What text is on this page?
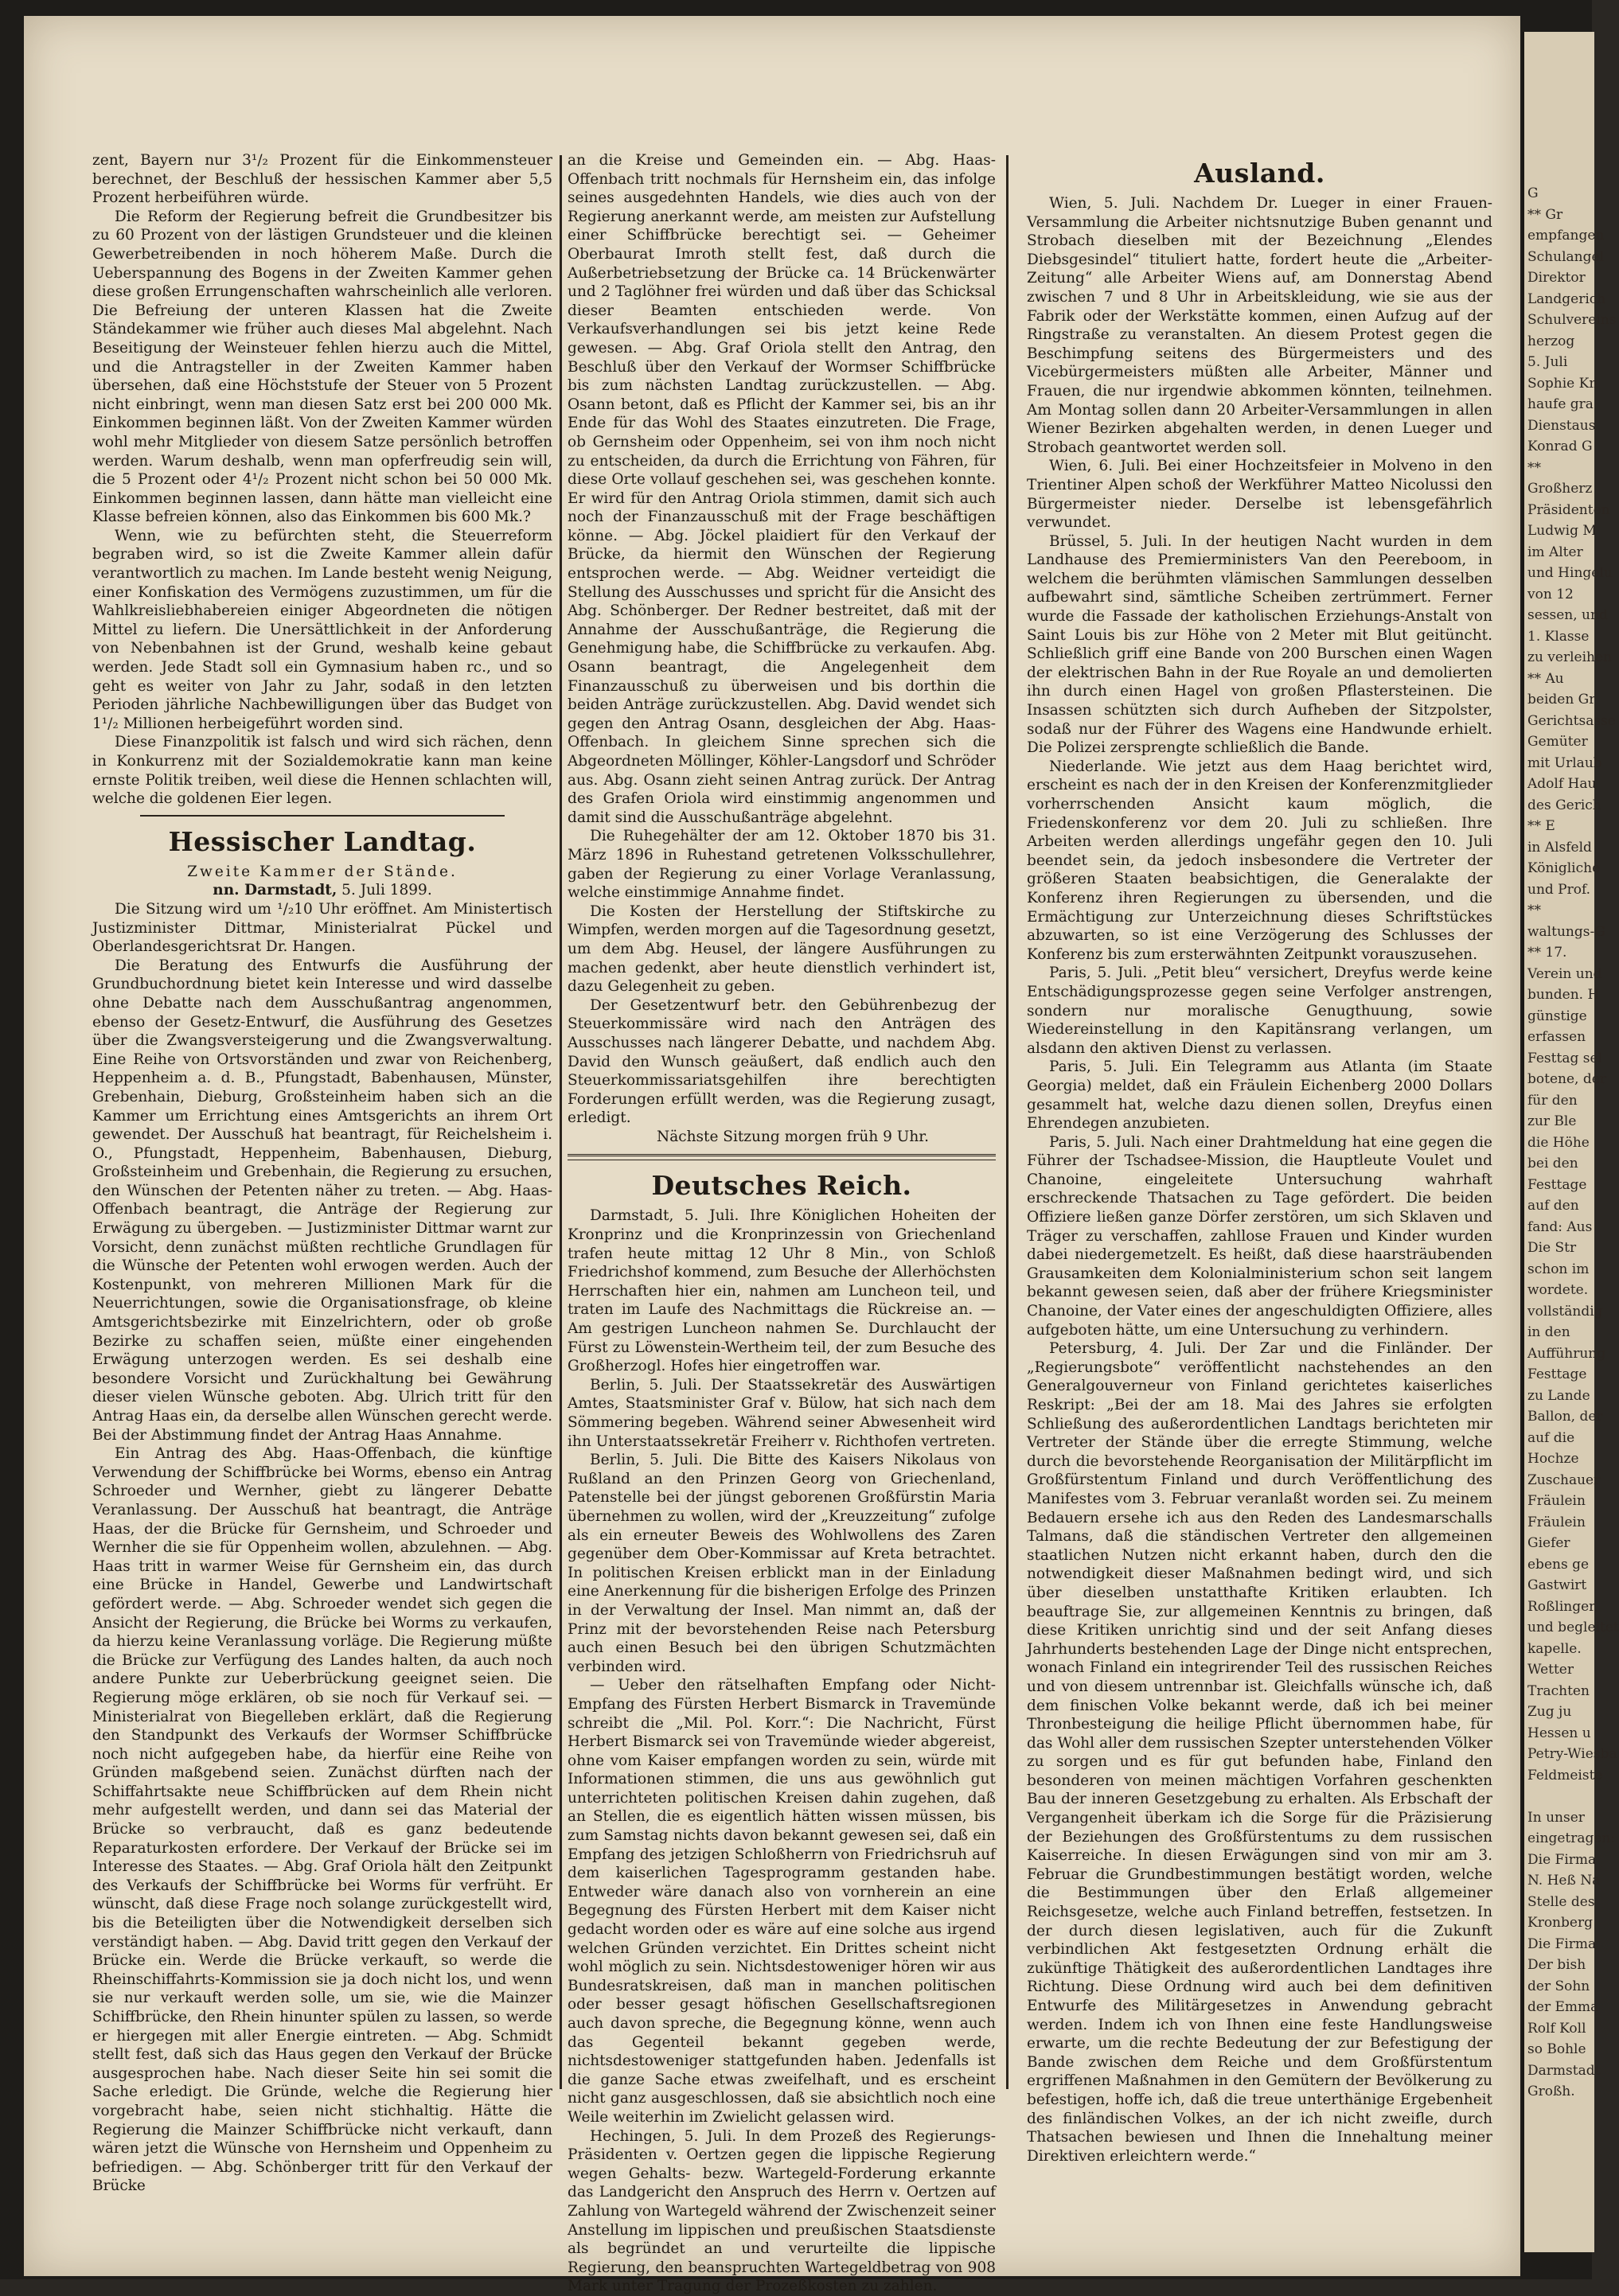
zent, Bayern nur 3¹/₂ Prozent für die Einkommensteuer berechnet, der Beschluß der hessischen Kammer aber 5,5 Prozent herbeiführen würde.

Die Reform der Regierung befreit die Grundbesitzer bis zu 60 Prozent von der lästigen Grundsteuer und die kleinen Gewerbetreibenden in noch höherem Maße. Durch die Ueberspannung des Bogens in der Zweiten Kammer gehen diese großen Errungenschaften wahrscheinlich alle verloren. Die Befreiung der unteren Klassen hat die Zweite Ständekammer wie früher auch dieses Mal abgelehnt. Nach Beseitigung der Weinsteuer fehlen hierzu auch die Mittel, und die Antragsteller in der Zweiten Kammer haben übersehen, daß eine Höchststufe der Steuer von 5 Prozent nicht einbringt, wenn man diesen Satz erst bei 200 000 Mk. Einkommen beginnen läßt. Von der Zweiten Kammer würden wohl mehr Mitglieder von diesem Satze persönlich betroffen werden. Warum deshalb, wenn man opferfreudig sein will, die 5 Prozent oder 4¹/₂ Prozent nicht schon bei 50 000 Mk. Einkommen beginnen lassen, dann hätte man vielleicht eine Klasse befreien können, also das Einkommen bis 600 Mk.?

Wenn, wie zu befürchten steht, die Steuerreform begraben wird, so ist die Zweite Kammer allein dafür verantwortlich zu machen. Im Lande besteht wenig Neigung, einer Konfiskation des Vermögens zuzustimmen, um für die Wahlkreisliebhabereien einiger Abgeordneten die nötigen Mittel zu liefern. Die Unersättlichkeit in der Anforderung von Nebenbahnen ist der Grund, weshalb keine gebaut werden. Jede Stadt soll ein Gymnasium haben rc., und so geht es weiter von Jahr zu Jahr, sodaß in den letzten Perioden jährliche Nachbewilligungen über das Budget von 1¹/₂ Millionen herbeigeführt worden sind.

Diese Finanzpolitik ist falsch und wird sich rächen, denn in Konkurrenz mit der Sozialdemokratie kann man keine ernste Politik treiben, weil diese die Hennen schlachten will, welche die goldenen Eier legen.

Hessischer Landtag.

Zweite Kammer der Stände.

nn. Darmstadt, 5. Juli 1899.

Die Sitzung wird um ¹/₂10 Uhr eröffnet. Am Ministertisch Justizminister Dittmar, Ministerialrat Pückel und Oberlandesgerichtsrat Dr. Hangen.

Die Beratung des Entwurfs die Ausführung der Grundbuchordnung bietet kein Interesse und wird dasselbe ohne Debatte nach dem Ausschußantrag angenommen, ebenso der Gesetz-Entwurf, die Ausführung des Gesetzes über die Zwangsversteigerung und die Zwangsverwaltung. Eine Reihe von Ortsvorständen und zwar von Reichenberg, Heppenheim a. d. B., Pfungstadt, Babenhausen, Münster, Grebenhain, Dieburg, Großsteinheim haben sich an die Kammer um Errichtung eines Amtsgerichts an ihrem Ort gewendet. Der Ausschuß hat beantragt, für Reichelsheim i. O., Pfungstadt, Heppenheim, Babenhausen, Dieburg, Großsteinheim und Grebenhain, die Regierung zu ersuchen, den Wünschen der Petenten näher zu treten. — Abg. Haas-Offenbach beantragt, die Anträge der Regierung zur Erwägung zu übergeben. — Justizminister Dittmar warnt zur Vorsicht, denn zunächst müßten rechtliche Grundlagen für die Wünsche der Petenten wohl erwogen werden. Auch der Kostenpunkt, von mehreren Millionen Mark für die Neuerrichtungen, sowie die Organisationsfrage, ob kleine Amtsgerichtsbezirke mit Einzelrichtern, oder ob große Bezirke zu schaffen seien, müßte einer eingehenden Erwägung unterzogen werden. Es sei deshalb eine besondere Vorsicht und Zurückhaltung bei Gewährung dieser vielen Wünsche geboten. Abg. Ulrich tritt für den Antrag Haas ein, da derselbe allen Wünschen gerecht werde. Bei der Abstimmung findet der Antrag Haas Annahme.

Ein Antrag des Abg. Haas-Offenbach, die künftige Verwendung der Schiffbrücke bei Worms, ebenso ein Antrag Schroeder und Wernher, giebt zu längerer Debatte Veranlassung. Der Ausschuß hat beantragt, die Anträge Haas, der die Brücke für Gernsheim, und Schroeder und Wernher die sie für Oppenheim wollen, abzulehnen. — Abg. Haas tritt in warmer Weise für Gernsheim ein, das durch eine Brücke in Handel, Gewerbe und Landwirtschaft gefördert werde. — Abg. Schroeder wendet sich gegen die Ansicht der Regierung, die Brücke bei Worms zu verkaufen, da hierzu keine Veranlassung vorläge. Die Regierung müßte die Brücke zur Verfügung des Landes halten, da auch noch andere Punkte zur Ueberbrückung geeignet seien. Die Regierung möge erklären, ob sie noch für Verkauf sei. — Ministerialrat von Biegelleben erklärt, daß die Regierung den Standpunkt des Verkaufs der Wormser Schiffbrücke noch nicht aufgegeben habe, da hierfür eine Reihe von Gründen maßgebend seien. Zunächst dürften nach der Schiffahrtsakte neue Schiffbrücken auf dem Rhein nicht mehr aufgestellt werden, und dann sei das Material der Brücke so verbraucht, daß es ganz bedeutende Reparaturkosten erfordere. Der Verkauf der Brücke sei im Interesse des Staates. — Abg. Graf Oriola hält den Zeitpunkt des Verkaufs der Schiffbrücke bei Worms für verfrüht. Er wünscht, daß diese Frage noch solange zurückgestellt wird, bis die Beteiligten über die Notwendigkeit derselben sich verständigt haben. — Abg. David tritt gegen den Verkauf der Brücke ein. Werde die Brücke verkauft, so werde die Rheinschiffahrts-Kommission sie ja doch nicht los, und wenn sie nur verkauft werden solle, um sie, wie die Mainzer Schiffbrücke, den Rhein hinunter spülen zu lassen, so werde er hiergegen mit aller Energie eintreten. — Abg. Schmidt stellt fest, daß sich das Haus gegen den Verkauf der Brücke ausgesprochen habe. Nach dieser Seite hin sei somit die Sache erledigt. Die Gründe, welche die Regierung hier vorgebracht habe, seien nicht stichhaltig. Hätte die Regierung die Mainzer Schiffbrücke nicht verkauft, dann wären jetzt die Wünsche von Hernsheim und Oppenheim zu befriedigen. — Abg. Schönberger tritt für den Verkauf der Brücke

an die Kreise und Gemeinden ein. — Abg. Haas-Offenbach tritt nochmals für Hernsheim ein, das infolge seines ausgedehnten Handels, wie dies auch von der Regierung anerkannt werde, am meisten zur Aufstellung einer Schiffbrücke berechtigt sei. — Geheimer Oberbaurat Imroth stellt fest, daß durch die Außerbetriebsetzung der Brücke ca. 14 Brückenwärter und 2 Taglöhner frei würden und daß über das Schicksal dieser Beamten entschieden werde. Von Verkaufsverhandlungen sei bis jetzt keine Rede gewesen. — Abg. Graf Oriola stellt den Antrag, den Beschluß über den Verkauf der Wormser Schiffbrücke bis zum nächsten Landtag zurückzustellen. — Abg. Osann betont, daß es Pflicht der Kammer sei, bis an ihr Ende für das Wohl des Staates einzutreten. Die Frage, ob Gernsheim oder Oppenheim, sei von ihm noch nicht zu entscheiden, da durch die Errichtung von Fähren, für diese Orte vollauf geschehen sei, was geschehen konnte. Er wird für den Antrag Oriola stimmen, damit sich auch noch der Finanzausschuß mit der Frage beschäftigen könne. — Abg. Jöckel plaidiert für den Verkauf der Brücke, da hiermit den Wünschen der Regierung entsprochen werde. — Abg. Weidner verteidigt die Stellung des Ausschusses und spricht für die Ansicht des Abg. Schönberger. Der Redner bestreitet, daß mit der Annahme der Ausschußanträge, die Regierung die Genehmigung habe, die Schiffbrücke zu verkaufen. Abg. Osann beantragt, die Angelegenheit dem Finanzausschuß zu überweisen und bis dorthin die beiden Anträge zurückzustellen. Abg. David wendet sich gegen den Antrag Osann, desgleichen der Abg. Haas-Offenbach. In gleichem Sinne sprechen sich die Abgeordneten Möllinger, Köhler-Langsdorf und Schröder aus. Abg. Osann zieht seinen Antrag zurück. Der Antrag des Grafen Oriola wird einstimmig angenommen und damit sind die Ausschußanträge abgelehnt.

Die Ruhegehälter der am 12. Oktober 1870 bis 31. März 1896 in Ruhestand getretenen Volksschullehrer, gaben der Regierung zu einer Vorlage Veranlassung, welche einstimmige Annahme findet.

Die Kosten der Herstellung der Stiftskirche zu Wimpfen, werden morgen auf die Tagesordnung gesetzt, um dem Abg. Heusel, der längere Ausführungen zu machen gedenkt, aber heute dienstlich verhindert ist, dazu Gelegenheit zu geben.

Der Gesetzentwurf betr. den Gebührenbezug der Steuerkommissäre wird nach den Anträgen des Ausschusses nach längerer Debatte, und nachdem Abg. David den Wunsch geäußert, daß endlich auch den Steuerkommissariatsgehilfen ihre berechtigten Forderungen erfüllt werden, was die Regierung zusagt, erledigt.

Nächste Sitzung morgen früh 9 Uhr.

Deutsches Reich.

Darmstadt, 5. Juli. Ihre Königlichen Hoheiten der Kronprinz und die Kronprinzessin von Griechenland trafen heute mittag 12 Uhr 8 Min., von Schloß Friedrichshof kommend, zum Besuche der Allerhöchsten Herrschaften hier ein, nahmen am Luncheon teil, und traten im Laufe des Nachmittags die Rückreise an. — Am gestrigen Luncheon nahmen Se. Durchlaucht der Fürst zu Löwenstein-Wertheim teil, der zum Besuche des Großherzogl. Hofes hier eingetroffen war.

Berlin, 5. Juli. Der Staatssekretär des Auswärtigen Amtes, Staatsminister Graf v. Bülow, hat sich nach dem Sömmering begeben. Während seiner Abwesenheit wird ihn Unterstaatssekretär Freiherr v. Richthofen vertreten.

Berlin, 5. Juli. Die Bitte des Kaisers Nikolaus von Rußland an den Prinzen Georg von Griechenland, Patenstelle bei der jüngst geborenen Großfürstin Maria übernehmen zu wollen, wird der „Kreuzzeitung“ zufolge als ein erneuter Beweis des Wohlwollens des Zaren gegenüber dem Ober-Kommissar auf Kreta betrachtet. In politischen Kreisen erblickt man in der Einladung eine Anerkennung für die bisherigen Erfolge des Prinzen in der Verwaltung der Insel. Man nimmt an, daß der Prinz mit der bevorstehenden Reise nach Petersburg auch einen Besuch bei den übrigen Schutzmächten verbinden wird.

— Ueber den rätselhaften Empfang oder Nicht-Empfang des Fürsten Herbert Bismarck in Travemünde schreibt die „Mil. Pol. Korr.“: Die Nachricht, Fürst Herbert Bismarck sei von Travemünde wieder abgereist, ohne vom Kaiser empfangen worden zu sein, würde mit Informationen stimmen, die uns aus gewöhnlich gut unterrichteten politischen Kreisen dahin zugehen, daß an Stellen, die es eigentlich hätten wissen müssen, bis zum Samstag nichts davon bekannt gewesen sei, daß ein Empfang des jetzigen Schloßherrn von Friedrichsruh auf dem kaiserlichen Tagesprogramm gestanden habe. Entweder wäre danach also von vornherein an eine Begegnung des Fürsten Herbert mit dem Kaiser nicht gedacht worden oder es wäre auf eine solche aus irgend welchen Gründen verzichtet. Ein Drittes scheint nicht wohl möglich zu sein. Nichtsdestoweniger hören wir aus Bundesratskreisen, daß man in manchen politischen oder besser gesagt höfischen Gesellschaftsregionen auch davon spreche, die Begegnung könne, wenn auch das Gegenteil bekannt gegeben werde, nichtsdestoweniger stattgefunden haben. Jedenfalls ist die ganze Sache etwas zweifelhaft, und es erscheint nicht ganz ausgeschlossen, daß sie absichtlich noch eine Weile weiterhin im Zwielicht gelassen wird.

Hechingen, 5. Juli. In dem Prozeß des Regierungs-Präsidenten v. Oertzen gegen die lippische Regierung wegen Gehalts- bezw. Wartegeld-Forderung erkannte das Landgericht den Anspruch des Herrn v. Oertzen auf Zahlung von Wartegeld während der Zwischenzeit seiner Anstellung im lippischen und preußischen Staatsdienste als begründet an und verurteilte die lippische Regierung, den beanspruchten Wartegeldbetrag von 908 Mark unter Tragung der Prozeßkosten zu zahlen.

Ausland.

Wien, 5. Juli. Nachdem Dr. Lueger in einer Frauen-Versammlung die Arbeiter nichtsnutzige Buben genannt und Strobach dieselben mit der Bezeichnung „Elendes Diebsgesindel“ tituliert hatte, fordert heute die „Arbeiter-Zeitung“ alle Arbeiter Wiens auf, am Donnerstag Abend zwischen 7 und 8 Uhr in Arbeitskleidung, wie sie aus der Fabrik oder der Werkstätte kommen, einen Aufzug auf der Ringstraße zu veranstalten. An diesem Protest gegen die Beschimpfung seitens des Bürgermeisters und des Vicebürgermeisters müßten alle Arbeiter, Männer und Frauen, die nur irgendwie abkommen könnten, teilnehmen. Am Montag sollen dann 20 Arbeiter-Versammlungen in allen Wiener Bezirken abgehalten werden, in denen Lueger und Strobach geantwortet werden soll.

Wien, 6. Juli. Bei einer Hochzeitsfeier in Molveno in den Trientiner Alpen schoß der Werkführer Matteo Nicolussi den Bürgermeister nieder. Derselbe ist lebensgefährlich verwundet.

Brüssel, 5. Juli. In der heutigen Nacht wurden in dem Landhause des Premierministers Van den Peereboom, in welchem die berühmten vlämischen Sammlungen desselben aufbewahrt sind, sämtliche Scheiben zertrümmert. Ferner wurde die Fassade der katholischen Erziehungs-Anstalt von Saint Louis bis zur Höhe von 2 Meter mit Blut geitüncht. Schließlich griff eine Bande von 200 Burschen einen Wagen der elektrischen Bahn in der Rue Royale an und demolierten ihn durch einen Hagel von großen Pflastersteinen. Die Insassen schützten sich durch Aufheben der Sitzpolster, sodaß nur der Führer des Wagens eine Handwunde erhielt. Die Polizei zersprengte schließlich die Bande.

Niederlande. Wie jetzt aus dem Haag berichtet wird, erscheint es nach der in den Kreisen der Konferenzmitglieder vorherrschenden Ansicht kaum möglich, die Friedenskonferenz vor dem 20. Juli zu schließen. Ihre Arbeiten werden allerdings ungefähr gegen den 10. Juli beendet sein, da jedoch insbesondere die Vertreter der größeren Staaten beabsichtigen, die Generalakte der Konferenz ihren Regierungen zu übersenden, und die Ermächtigung zur Unterzeichnung dieses Schriftstückes abzuwarten, so ist eine Verzögerung des Schlusses der Konferenz bis zum ersterwähnten Zeitpunkt vorauszusehen.

Paris, 5. Juli. „Petit bleu“ versichert, Dreyfus werde keine Entschädigungsprozesse gegen seine Verfolger anstrengen, sondern nur moralische Genugthuung, sowie Wiedereinstellung in den Kapitänsrang verlangen, um alsdann den aktiven Dienst zu verlassen.

Paris, 5. Juli. Ein Telegramm aus Atlanta (im Staate Georgia) meldet, daß ein Fräulein Eichenberg 2000 Dollars gesammelt hat, welche dazu dienen sollen, Dreyfus einen Ehrendegen anzubieten.

Paris, 5. Juli. Nach einer Drahtmeldung hat eine gegen die Führer der Tschadsee-Mission, die Hauptleute Voulet und Chanoine, eingeleitete Untersuchung wahrhaft erschreckende Thatsachen zu Tage gefördert. Die beiden Offiziere ließen ganze Dörfer zerstören, um sich Sklaven und Träger zu verschaffen, zahllose Frauen und Kinder wurden dabei niedergemetzelt. Es heißt, daß diese haarsträubenden Grausamkeiten dem Kolonialministerium schon seit langem bekannt gewesen seien, daß aber der frühere Kriegsminister Chanoine, der Vater eines der angeschuldigten Offiziere, alles aufgeboten hätte, um eine Untersuchung zu verhindern.

Petersburg, 4. Juli. Der Zar und die Finländer. Der „Regierungsbote“ veröffentlicht nachstehendes an den Generalgouverneur von Finland gerichtetes kaiserliches Reskript: „Bei der am 18. Mai des Jahres sie erfolgten Schließung des außerordentlichen Landtags berichteten mir Vertreter der Stände über die erregte Stimmung, welche durch die bevorstehende Reorganisation der Militärpflicht im Großfürstentum Finland und durch Veröffentlichung des Manifestes vom 3. Februar veranlaßt worden sei. Zu meinem Bedauern ersehe ich aus den Reden des Landesmarschalls Talmans, daß die ständischen Vertreter den allgemeinen staatlichen Nutzen nicht erkannt haben, durch den die notwendigkeit dieser Maßnahmen bedingt wird, und sich über dieselben unstatthafte Kritiken erlaubten. Ich beauftrage Sie, zur allgemeinen Kenntnis zu bringen, daß diese Kritiken unrichtig sind und der seit Anfang dieses Jahrhunderts bestehenden Lage der Dinge nicht entsprechen, wonach Finland ein integrirender Teil des russischen Reiches und von diesem untrennbar ist. Gleichfalls wünsche ich, daß dem finischen Volke bekannt werde, daß ich bei meiner Thronbesteigung die heilige Pflicht übernommen habe, für das Wohl aller dem russischen Szepter unterstehenden Völker zu sorgen und es für gut befunden habe, Finland den besonderen von meinen mächtigen Vorfahren geschenkten Bau der inneren Gesetzgebung zu erhalten. Als Erbschaft der Vergangenheit überkam ich die Sorge für die Präzisierung der Beziehungen des Großfürstentums zu dem russischen Kaiserreiche. In diesen Erwägungen sind von mir am 3. Februar die Grundbestimmungen bestätigt worden, welche die Bestimmungen über den Erlaß allgemeiner Reichsgesetze, welche auch Finland betreffen, festsetzen. In der durch diesen legislativen, auch für die Zukunft verbindlichen Akt festgesetzten Ordnung erhält die zukünftige Thätigkeit des außerordentlichen Landtages ihre Richtung. Diese Ordnung wird auch bei dem definitiven Entwurfe des Militärgesetzes in Anwendung gebracht werden. Indem ich von Ihnen eine feste Handlungsweise erwarte, um die rechte Bedeutung der zur Befestigung der Bande zwischen dem Reiche und dem Großfürstentum ergriffenen Maßnahmen in den Gemütern der Bevölkerung zu befestigen, hoffe ich, daß die treue unterthänige Ergebenheit des finländischen Volkes, an der ich nicht zweifle, durch Thatsachen bewiesen und Ihnen die Innehaltung meiner Direktiven erleichtern werde.“

G
** Gr
empfangen
Schulangel
Direktor
Landgerich
Schulvereins
herzog
5. Juli
Sophie Kn
haufe gra
Dienstaus
Konrad G
**
Großherz
Präsidenten
Ludwig M
im Alter
und Hingelu
von 12
sessen, und
1. Klasse
zu verleihen
** Au
beiden Gr
Gerichtsasse
Gemüter
mit Urlaub
Adolf Hau
des Gerich
** E
in Alsfeld
Königliche
und Prof.
**
waltungs-G
** 17.
Verein und
bunden. H
günstige
erfassen
Festtag sel
botene, der
für den
zur Ble
die Höhe
bei den
Festtage
auf den
fand: Aus
Die Str
schon im
wordete.
vollständig
in den
Aufführung
Festtage
zu Lande
Ballon, der
auf die
Hochze
Zuschauer
Fräulein
Fräulein
Giefer
ebens ge
Gastwirt
Roßlinger,
und begleitet
kapelle.
Wetter
Trachten
Zug ju
Hessen u
Petry-Wiesba
Feldmeiste

In unser
eingetragen:
Die Firma
N. Heß Na
Stelle des
Kronberg
Die Firma
Der bish
der Sohn
der Emma
Rolf Koll
so Bohle
Darmstadt
Großh.
